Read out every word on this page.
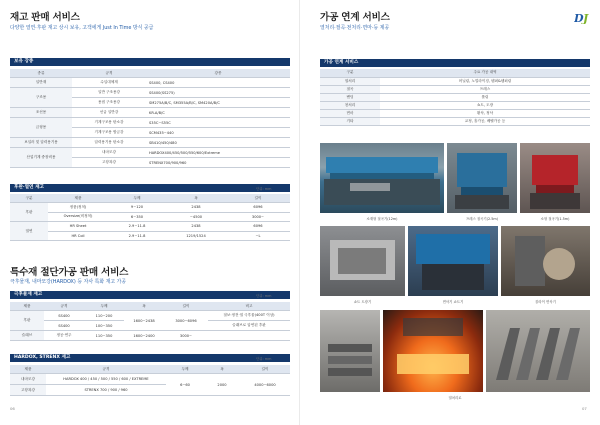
재고 판매 서비스
다양한 열연·후판 재고 상시 보유, 고객에게 Just In Time 방식 공급
보유 강종
종류	규격	강종
일반재	수입대체재	SS400, CS400
구조용	일반 구조용강	SS400(SS275)
	용접 구조용강	SM275A/B/C, SM355A/B/C, SM420A/B/C
조선용	선급 일반강	KR-A/B/C
금형용	기계구조용 탄소강	S35C~S55C
	기계구조용 합금강	SCM435~440
보일러 및 압력용기용	압력용기용 탄소강	SB410/450/480
산업기계 중장비용	내마모강	HARDOX400/450/500/550/600/Extreme
	고항복강	STRENX700/900/960
후판·열연 재고	단위: mm
구분	제품	두께	폭	길이
후판	정품(정척)	9~120	2438	6096
	Oversize(비정척)	6~350	~4500	3000~
열연	HR Sheet	2.9~11.8	2438	6096
	HR Coil	2.9~11.8	1219/1524	~L
특수재 절단가공 판매 서비스
극후물재, 내마모강(HARDOX) 등 자사 특화 재고 가공
극후물재 재고	단위: mm
제품	규격	두께	폭	길이	비고
후판	SS400	110~200	1600~2438	3000~6096	절보·정전·열 극후물(400T 이상)
	SS400	100~350			슬래브로 압연된 후판
슬래브	정공·연주	110~350	1600~2400	3000~	
HARDOX, STRENX 재고	단위: mm
제품	규격	두께	폭	길이
내마모강	HARDOX 400 / 450 / 500 / 550 / 600 / EXTREME	6~60	2000	4000~6000
고항복강	STRENX 700 / 900 / 960			
06
가공 연계 서비스
열처리·절곡·천처리·면마·등 제공
가공 연계 서비스
구분	주요 가공 내역
열처리	어닐링, 노멀라이징, 템퍼&템퍼링
절곡	프레스
밴딩	롤링
천처리	쇼트, 도장
면마	황삭, 정삭
기타	교정, 홀가공, 베벨가공 등
소재형 절곡기(12m)	프레스 절곡기(2.5m)	소형 절곡기(1.5m)
쇼트 도장기	면삭기 쇼트기	블라이 면삭기
열처리로
07
D J
